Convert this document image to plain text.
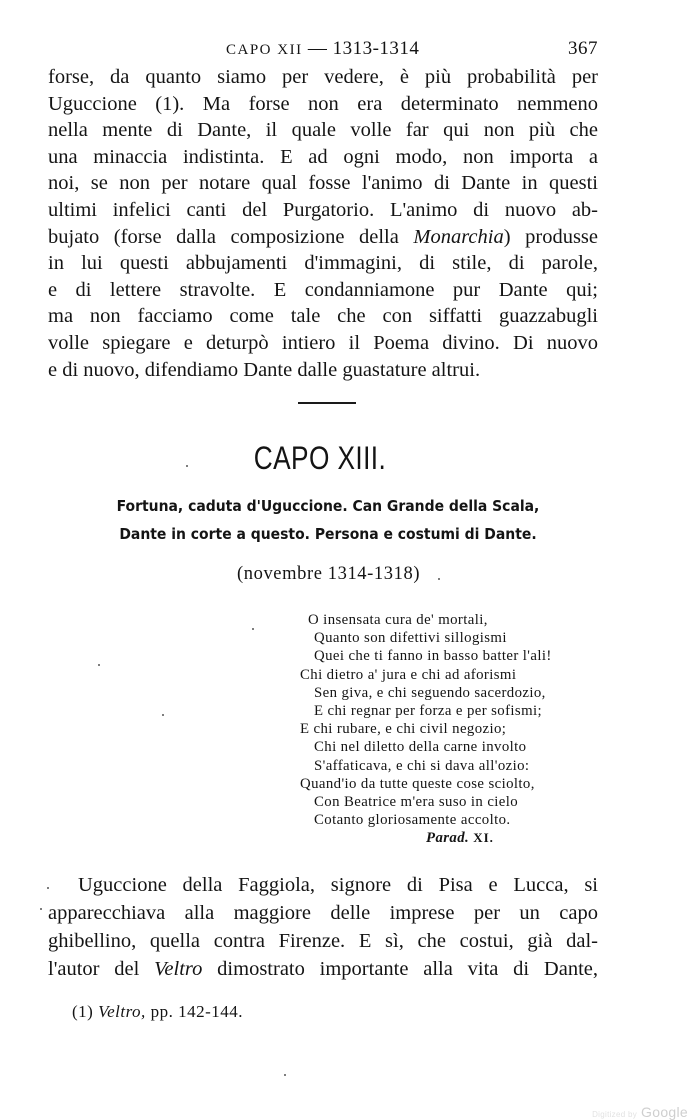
CAPO XII — 1313-1314	367
forse, da quanto siamo per vedere, è più probabilità per
Uguccione (1). Ma forse non era determinato nemmeno
nella mente di Dante, il quale volle far qui non più che
una minaccia indistinta. E ad ogni modo, non importa a
noi, se non per notare qual fosse l'animo di Dante in questi
ultimi infelici canti del Purgatorio. L'animo di nuovo ab-
bujato (forse dalla composizione della Monarchia) produsse
in lui questi abbujamenti d'immagini, di stile, di parole,
e di lettere stravolte. E condanniamone pur Dante qui;
ma non facciamo come tale che con siffatti guazzabugli
volle spiegare e deturpò intiero il Poema divino. Di nuovo
e di nuovo, difendiamo Dante dalle guastature altrui.
CAPO XIII.
Fortuna, caduta d'Uguccione. Can Grande della Scala,
Dante in corte a questo. Persona e costumi di Dante.
(novembre 1314-1318)
O insensata cura de' mortali,
Quanto son difettivi sillogismi
Quei che ti fanno in basso batter l'ali!
Chi dietro a' jura e chi ad aforismi
Sen giva, e chi seguendo sacerdozio,
E chi regnar per forza e per sofismi;
E chi rubare, e chi civil negozio;
Chi nel diletto della carne involto
S'affaticava, e chi si dava all'ozio:
Quand'io da tutte queste cose sciolto,
Con Beatrice m'era suso in cielo
Cotanto gloriosamente accolto.
Parad. XI.
Uguccione della Faggiola, signore di Pisa e Lucca, si
apparecchiava alla maggiore delle imprese per un capo
ghibellino, quella contra Firenze. E sì, che costui, già dal-
l'autor del Veltro dimostrato importante alla vita di Dante,
(1) Veltro, pp. 142-144.
Digitized by Google
